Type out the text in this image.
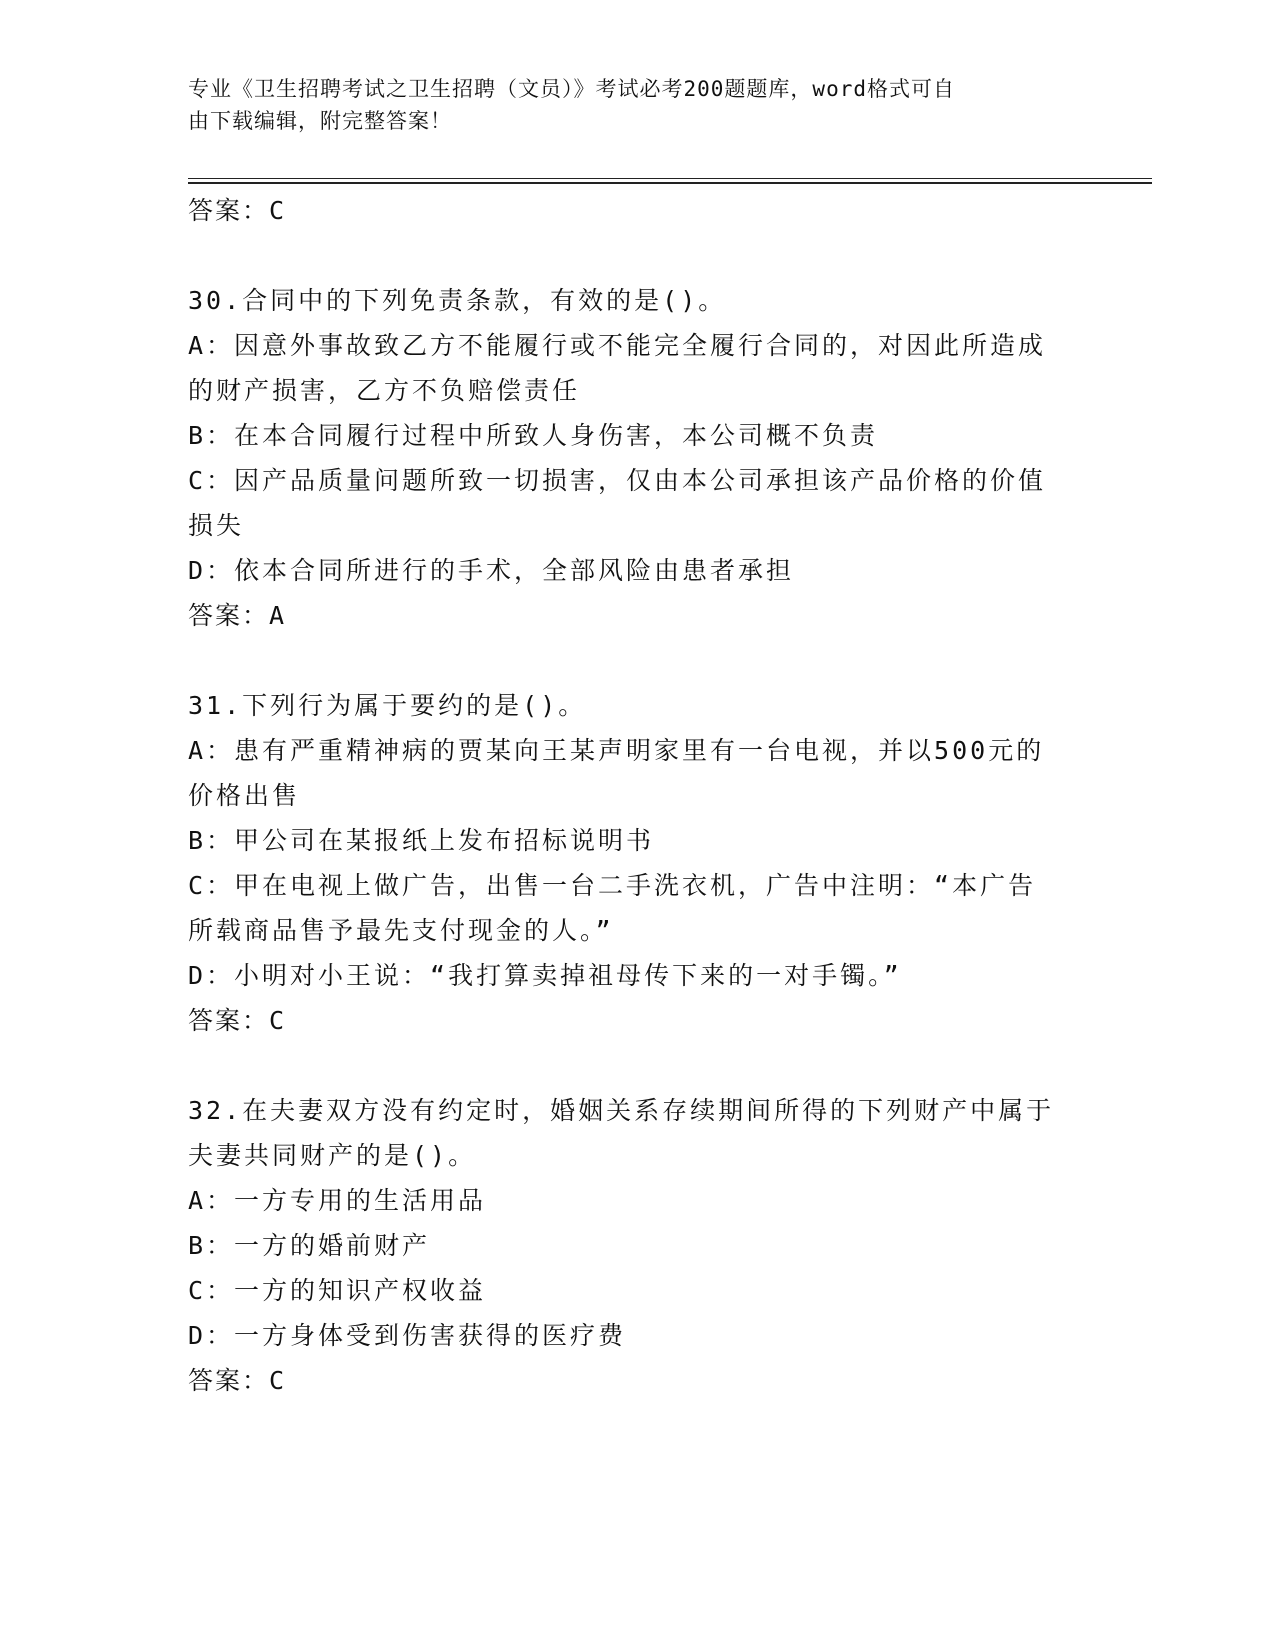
专业《卫生招聘考试之卫生招聘（文员）》考试必考200题题库，word格式可自
由下载编辑，附完整答案！
答案：C
30.合同中的下列免责条款，有效的是()。
A：因意外事故致乙方不能履行或不能完全履行合同的，对因此所造成
的财产损害，乙方不负赔偿责任
B：在本合同履行过程中所致人身伤害，本公司概不负责
C：因产品质量问题所致一切损害，仅由本公司承担该产品价格的价值
损失
D：依本合同所进行的手术，全部风险由患者承担
答案：A
31.下列行为属于要约的是()。
A：患有严重精神病的贾某向王某声明家里有一台电视，并以500元的
价格出售
B：甲公司在某报纸上发布招标说明书
C：甲在电视上做广告，出售一台二手洗衣机，广告中注明：“本广告
所载商品售予最先支付现金的人。”
D：小明对小王说：“我打算卖掉祖母传下来的一对手镯。”
答案：C
32.在夫妻双方没有约定时，婚姻关系存续期间所得的下列财产中属于
夫妻共同财产的是()。
A：一方专用的生活用品
B：一方的婚前财产
C：一方的知识产权收益
D：一方身体受到伤害获得的医疗费
答案：C
